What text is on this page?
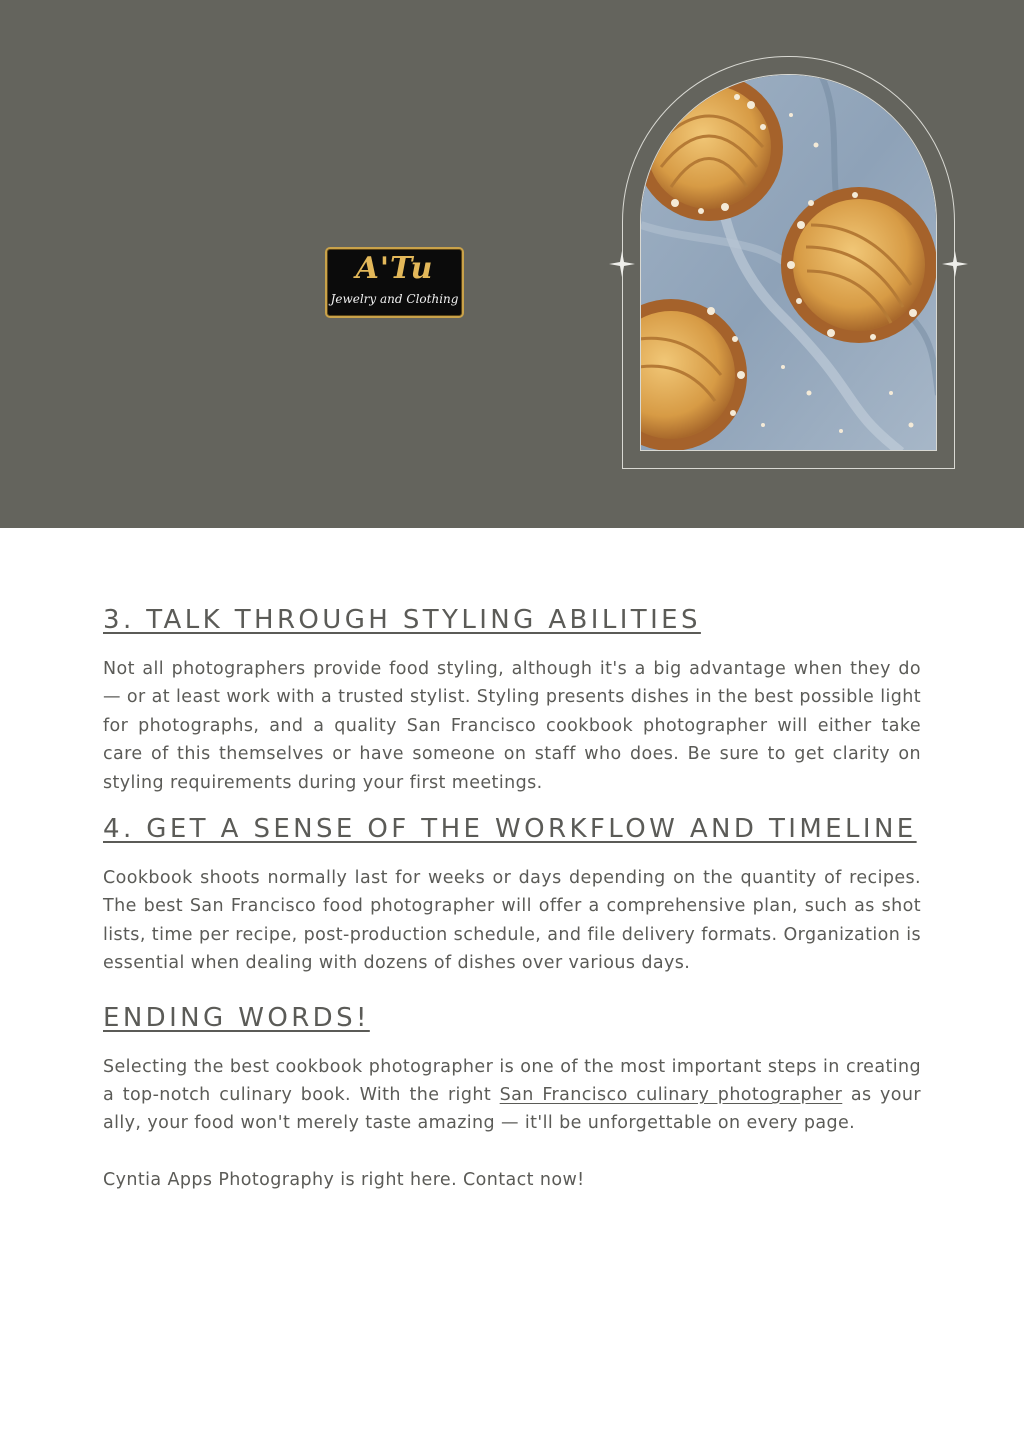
A'Tu
Jewelry and Clothing
3. TALK THROUGH STYLING ABILITIES

Not all photographers provide food styling, although it's a big advantage when they do — or at least work with a trusted stylist. Styling presents dishes in the best possible light for photographs, and a quality San Francisco cookbook photographer will either take care of this themselves or have someone on staff who does. Be sure to get clarity on styling requirements during your first meetings.

4. GET A SENSE OF THE WORKFLOW AND TIMELINE

Cookbook shoots normally last for weeks or days depending on the quantity of recipes. The best San Francisco food photographer will offer a comprehensive plan, such as shot lists, time per recipe, post-production schedule, and file delivery formats. Organization is essential when dealing with dozens of dishes over various days.

ENDING WORDS!

Selecting the best cookbook photographer is one of the most important steps in creating a top-notch culinary book. With the right San Francisco culinary photographer as your ally, your food won't merely taste amazing — it'll be unforgettable on every page.

Cyntia Apps Photography is right here. Contact now!
